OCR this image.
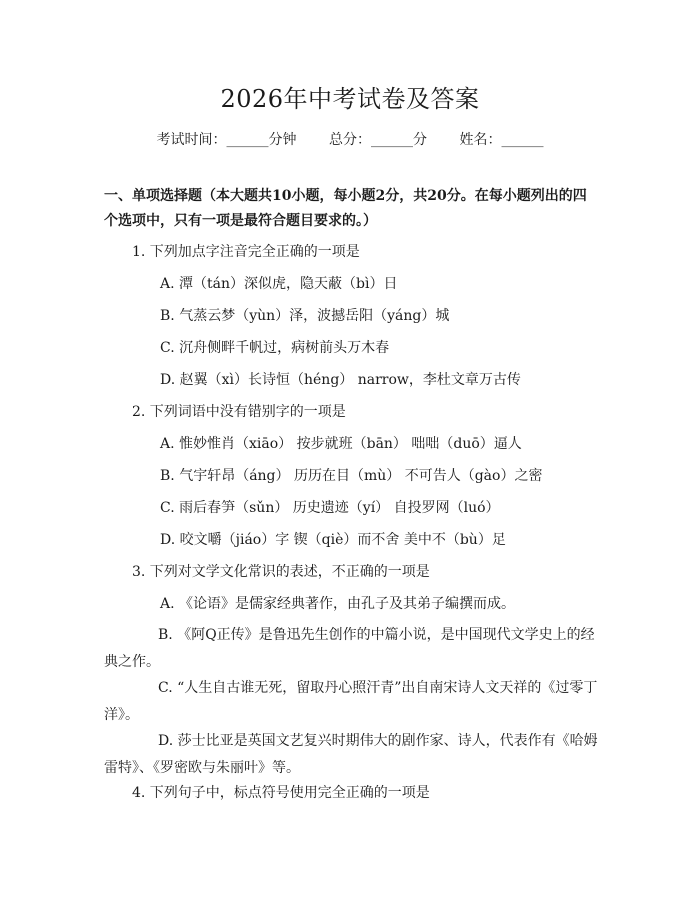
2026年中考试卷及答案
考试时间：______分钟 总分：______分 姓名：______
一、单项选择题（本大题共10小题，每小题2分，共20分。在每小题列出的四个选项中，只有一项是最符合题目要求的。）
1. 下列加点字注音完全正确的一项是
A. 潭（tán）深似虎，隐天蔽（bì）日
B. 气蒸云梦（yùn）泽，波撼岳阳（yáng）城
C. 沉舟侧畔千帆过，病树前头万木春
D. 赵翼（xì）长诗恒（héng） narrow，李杜文章万古传
2. 下列词语中没有错别字的一项是
A. 惟妙惟肖（xiāo） 按步就班（bān） 咄咄（duō）逼人
B. 气宇轩昂（áng） 历历在目（mù） 不可告人（gào）之密
C. 雨后春笋（sǔn） 历史遗迹（yí） 自投罗网（luó）
D. 咬文嚼（jiáo）字 锲（qiè）而不舍 美中不（bù）足
3. 下列对文学文化常识的表述，不正确的一项是
A. 《论语》是儒家经典著作，由孔子及其弟子编撰而成。
B. 《阿Q正传》是鲁迅先生创作的中篇小说，是中国现代文学史上的经典之作。
C. “人生自古谁无死，留取丹心照汗青”出自南宋诗人文天祥的《过零丁洋》。
D. 莎士比亚是英国文艺复兴时期伟大的剧作家、诗人，代表作有《哈姆雷特》、《罗密欧与朱丽叶》等。
4. 下列句子中，标点符号使用完全正确的一项是
